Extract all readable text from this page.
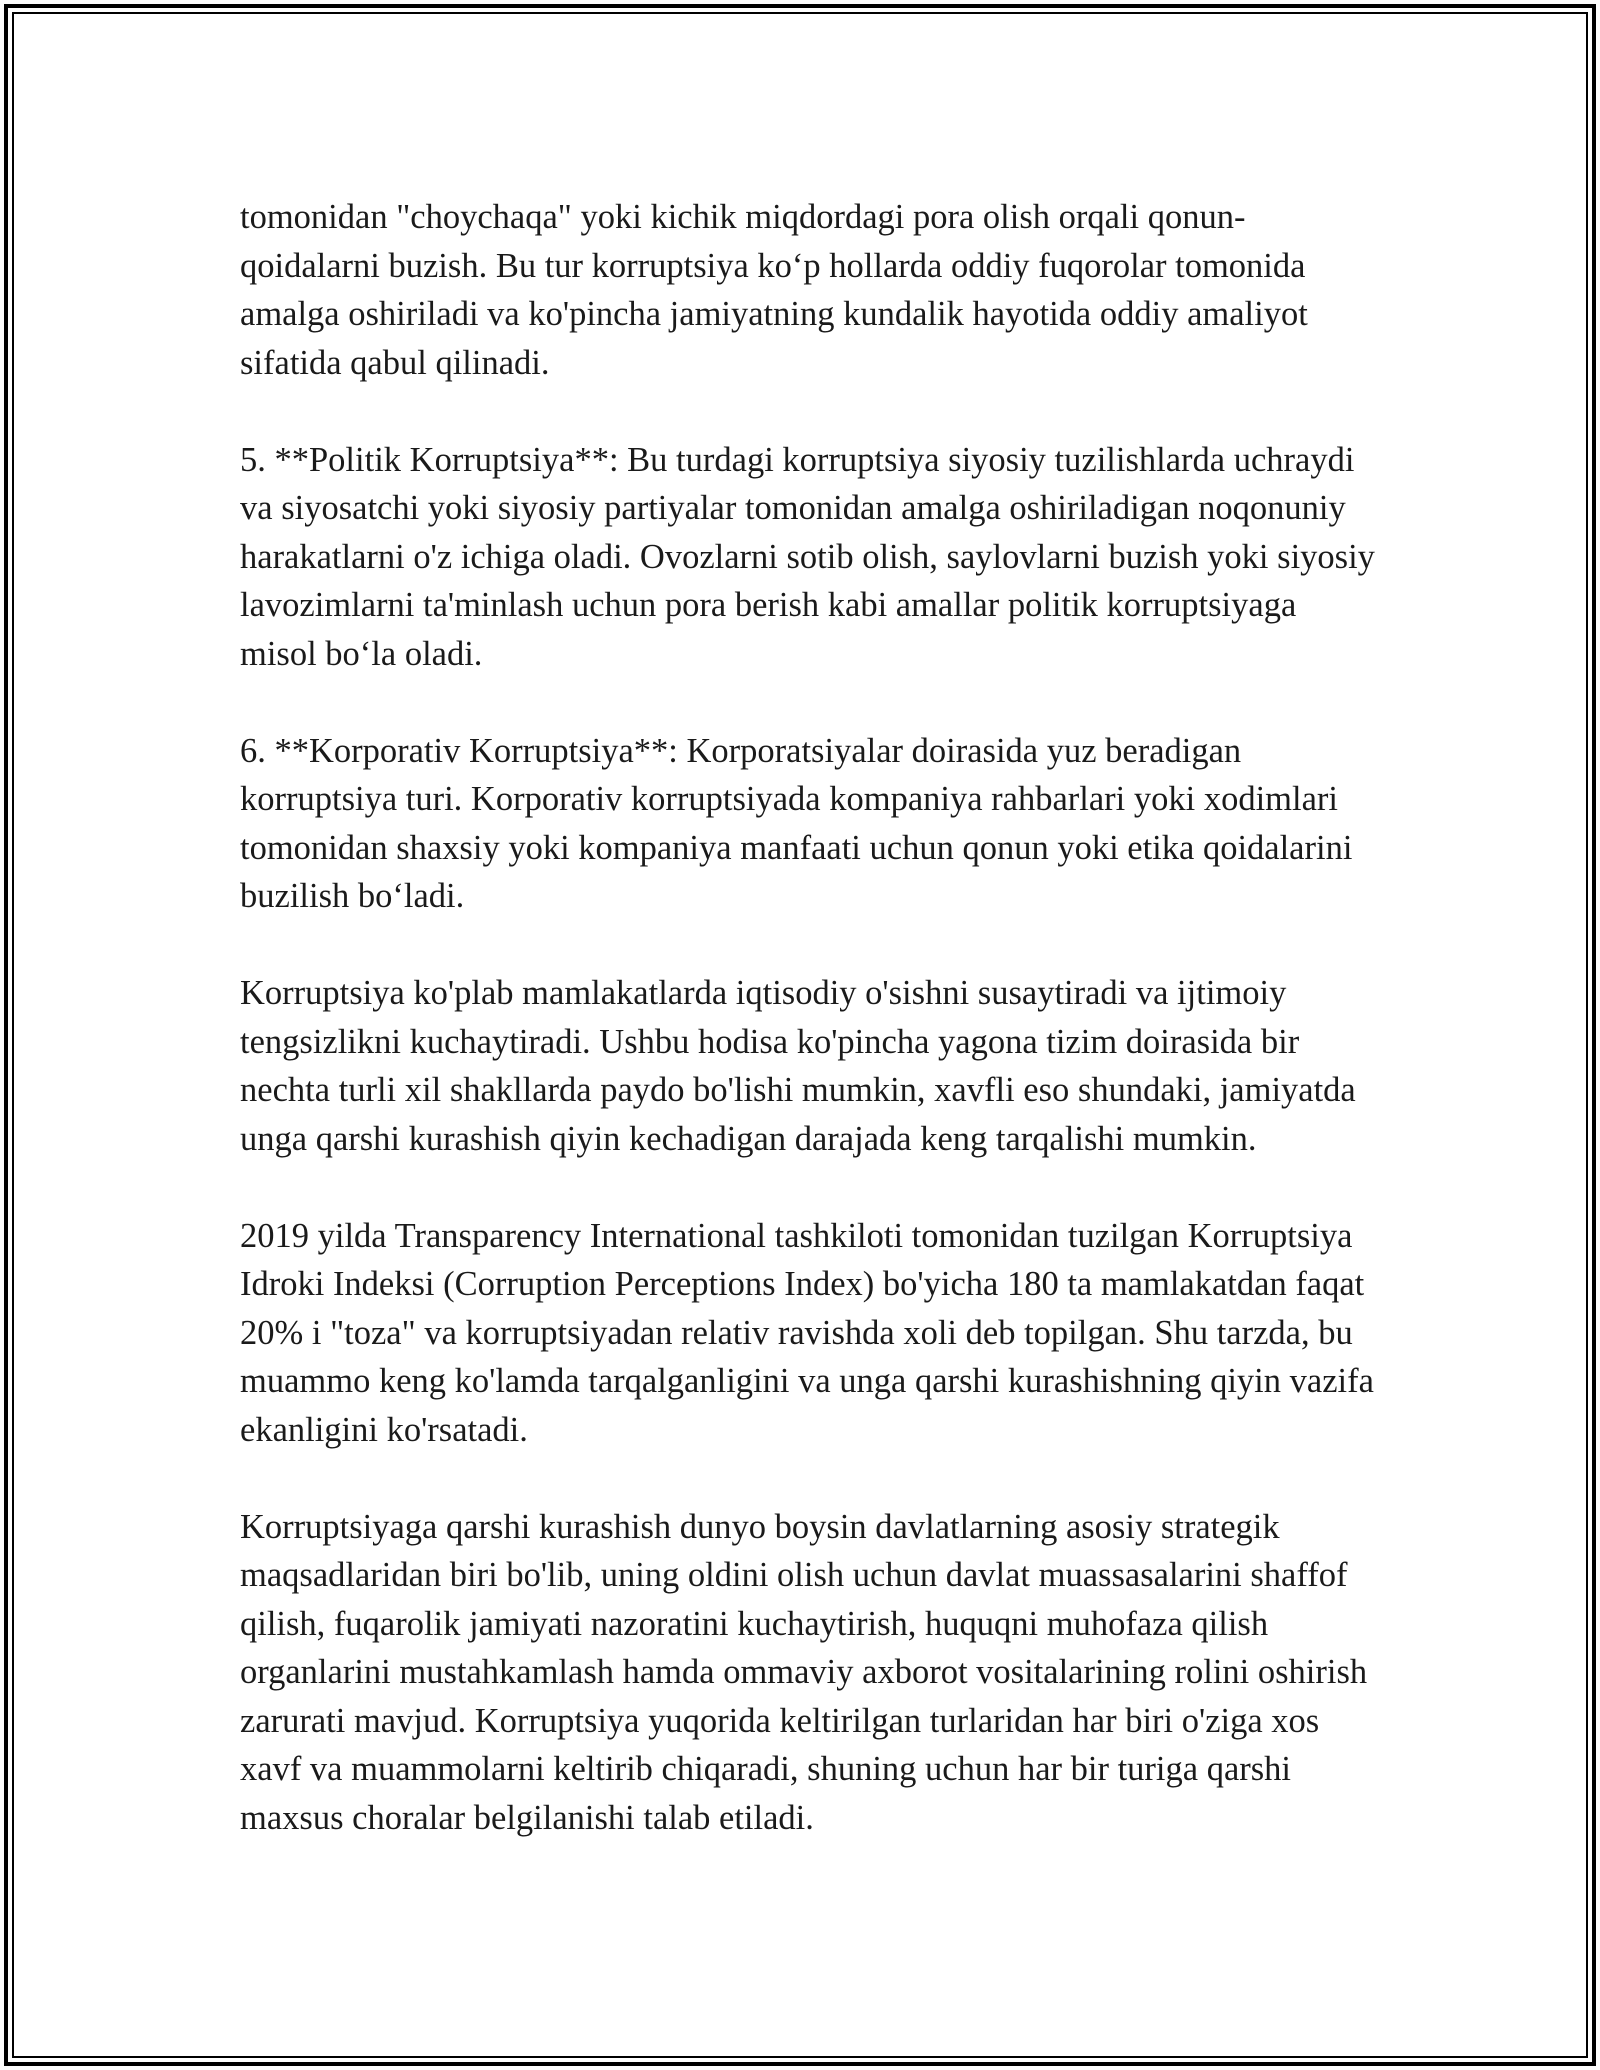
tomonidan "choychaqa" yoki kichik miqdordagi pora olish orqali qonun-qoidalarni buzish. Bu tur korruptsiya ko‘p hollarda oddiy fuqorolar tomonida amalga oshiriladi va ko'pincha jamiyatning kundalik hayotida oddiy amaliyot sifatida qabul qilinadi.

5. **Politik Korruptsiya**: Bu turdagi korruptsiya siyosiy tuzilishlarda uchraydi va siyosatchi yoki siyosiy partiyalar tomonidan amalga oshiriladigan noqonuniy harakatlarni o'z ichiga oladi. Ovozlarni sotib olish, saylovlarni buzish yoki siyosiy lavozimlarni ta'minlash uchun pora berish kabi amallar politik korruptsiyaga misol bo‘la oladi.

6. **Korporativ Korruptsiya**: Korporatsiyalar doirasida yuz beradigan korruptsiya turi. Korporativ korruptsiyada kompaniya rahbarlari yoki xodimlari tomonidan shaxsiy yoki kompaniya manfaati uchun qonun yoki etika qoidalarini buzilish bo‘ladi.

Korruptsiya ko'plab mamlakatlarda iqtisodiy o'sishni susaytiradi va ijtimoiy tengsizlikni kuchaytiradi. Ushbu hodisa ko'pincha yagona tizim doirasida bir nechta turli xil shakllarda paydo bo'lishi mumkin, xavfli eso shundaki, jamiyatda unga qarshi kurashish qiyin kechadigan darajada keng tarqalishi mumkin.

2019 yilda Transparency International tashkiloti tomonidan tuzilgan Korruptsiya Idroki Indeksi (Corruption Perceptions Index) bo'yicha 180 ta mamlakatdan faqat 20% i "toza" va korruptsiyadan relativ ravishda xoli deb topilgan. Shu tarzda, bu muammo keng ko'lamda tarqalganligini va unga qarshi kurashishning qiyin vazifa ekanligini ko'rsatadi.

Korruptsiyaga qarshi kurashish dunyo boysin davlatlarning asosiy strategik maqsadlaridan biri bo'lib, uning oldini olish uchun davlat muassasalarini shaffof qilish, fuqarolik jamiyati nazoratini kuchaytirish, huquqni muhofaza qilish organlarini mustahkamlash hamda ommaviy axborot vositalarining rolini oshirish zarurati mavjud. Korruptsiya yuqorida keltirilgan turlaridan har biri o'ziga xos xavf va muammolarni keltirib chiqaradi, shuning uchun har bir turiga qarshi maxsus choralar belgilanishi talab etiladi.
